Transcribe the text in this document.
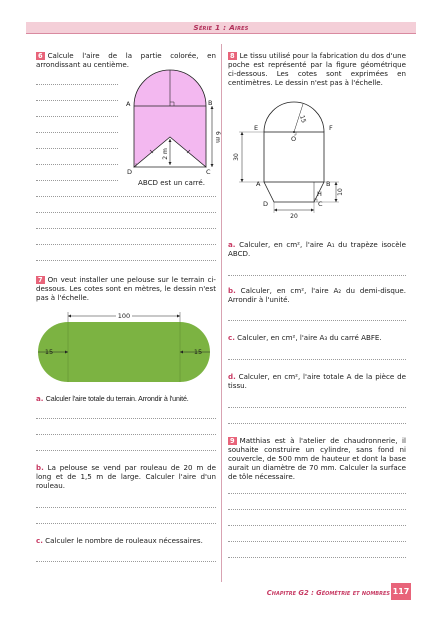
Série 1 : Aires
6 Calcule l'aire de la partie colorée, en arrondissant au centième.
2 m
6 m
A	B
D	C
ABCD est un carré.
7 On veut installer une pelouse sur le terrain ci-dessous. Les cotes sont en mètres, le dessin n'est pas à l'échelle.
100
15	15
a. Calculer l'aire totale du terrain. Arrondir à l'unité.
b. La pelouse se vend par rouleau de 20 m de long et de 1,5 m de large. Calculer l'aire d'un rouleau.
c. Calculer le nombre de rouleaux nécessaires.
8 Le tissu utilisé pour la fabrication du dos d'une poche est représenté par la figure géométrique ci-dessous. Les cotes sont exprimées en centimètres. Le dessin n'est pas à l'échelle.
15
30
10
20
E	F
O
A	B
H
D	C
a. Calculer, en cm², l'aire A₁ du trapèze isocèle ABCD.
b. Calculer, en cm², l'aire A₂ du demi-disque. Arrondir à l'unité.
c. Calculer, en cm², l'aire A₃ du carré ABFE.
d. Calculer, en cm², l'aire totale A de la pièce de tissu.
9 Matthias est à l'atelier de chaudronnerie, il souhaite construire un cylindre, sans fond ni couvercle, de 500 mm de hauteur et dont la base aurait un diamètre de 70 mm. Calculer la surface de tôle nécessaire.
Chapitre G2 : Géométrie et nombres 117
